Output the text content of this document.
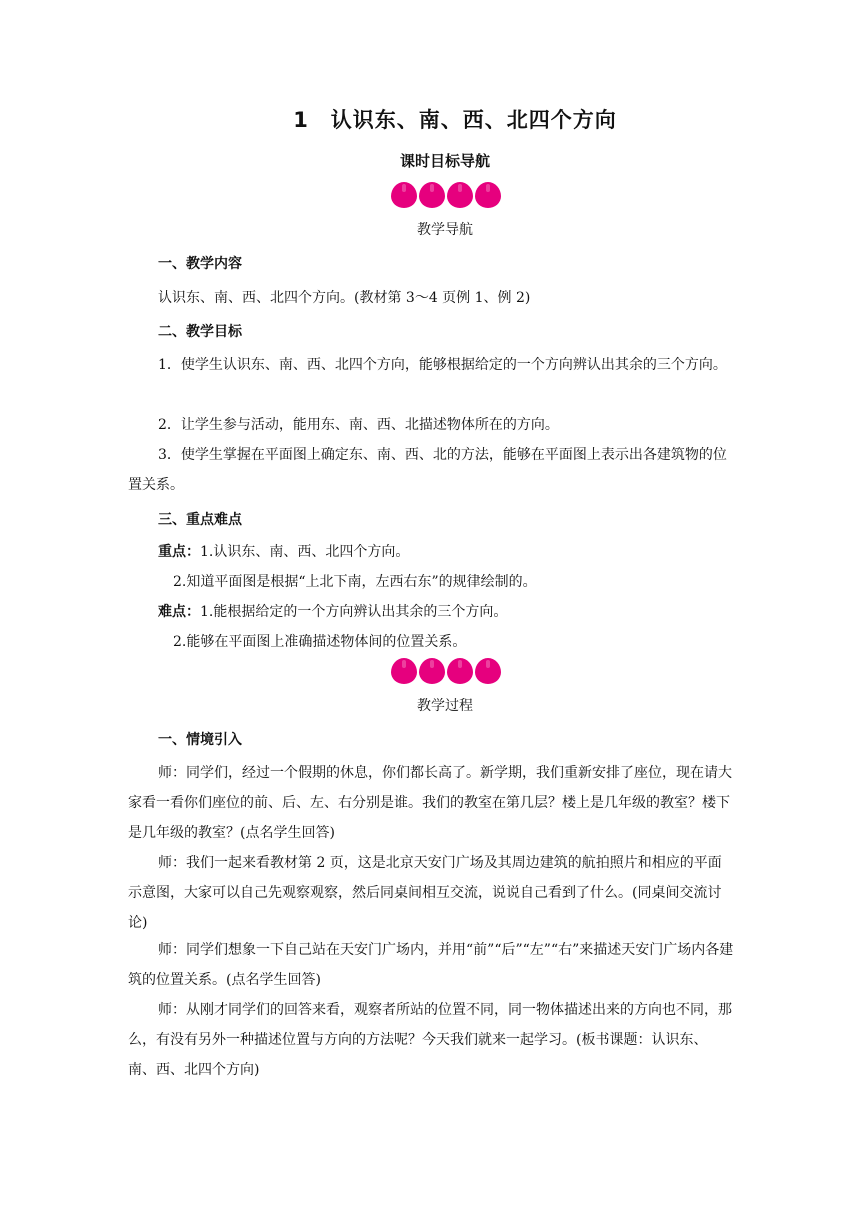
1　认识东、南、西、北四个方向
课时目标导航
教学导航
一、教学内容
认识东、南、西、北四个方向。(教材第 3～4 页例 1、例 2)
二、教学目标
1．使学生认识东、南、西、北四个方向，能够根据给定的一个方向辨认出其余的三个方向。
2．让学生参与活动，能用东、南、西、北描述物体所在的方向。
3．使学生掌握在平面图上确定东、南、西、北的方法，能够在平面图上表示出各建筑物的位置关系。
三、重点难点
重点：1.认识东、南、西、北四个方向。
2.知道平面图是根据“上北下南，左西右东”的规律绘制的。
难点：1.能根据给定的一个方向辨认出其余的三个方向。
2.能够在平面图上准确描述物体间的位置关系。
教学过程
一、情境引入
师：同学们，经过一个假期的休息，你们都长高了。新学期，我们重新安排了座位，现在请大家看一看你们座位的前、后、左、右分别是谁。我们的教室在第几层？楼上是几年级的教室？楼下是几年级的教室？(点名学生回答)
师：我们一起来看教材第 2 页，这是北京天安门广场及其周边建筑的航拍照片和相应的平面示意图，大家可以自己先观察观察，然后同桌间相互交流，说说自己看到了什么。(同桌间交流讨论)
师：同学们想象一下自己站在天安门广场内，并用“前”“后”“左”“右”来描述天安门广场内各建筑的位置关系。(点名学生回答)
师：从刚才同学们的回答来看，观察者所站的位置不同，同一物体描述出来的方向也不同，那么，有没有另外一种描述位置与方向的方法呢？今天我们就来一起学习。(板书课题：认识东、南、西、北四个方向)
